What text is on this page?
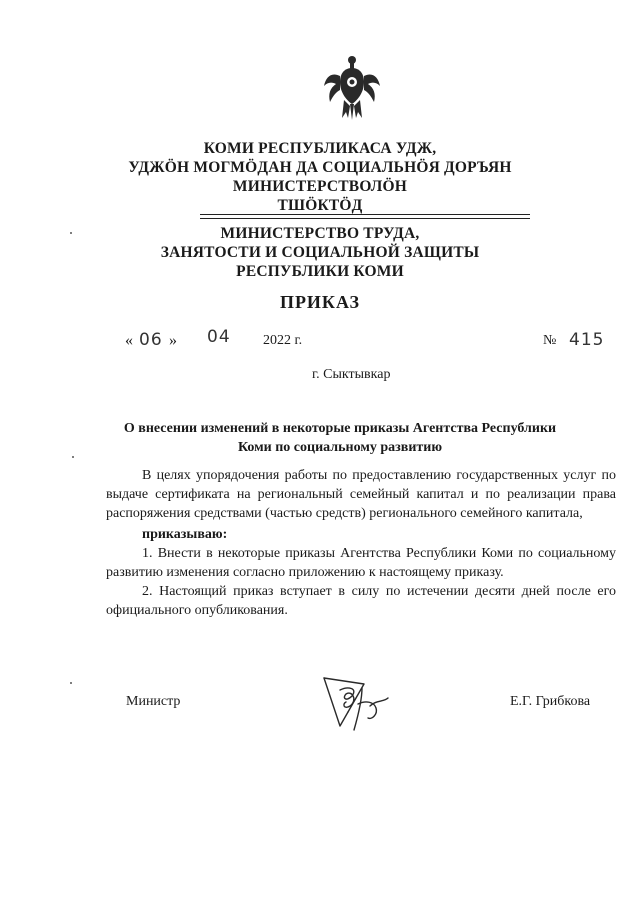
КОМИ РЕСПУБЛИКАСА УДЖ,
УДЖӦН МОГМӦДАН ДА СОЦИАЛЬНӦЯ ДОРЪЯН
МИНИСТЕРСТВОЛӦН
ТШӦКТӦД
МИНИСТЕРСТВО ТРУДА,
ЗАНЯТОСТИ И СОЦИАЛЬНОЙ ЗАЩИТЫ
РЕСПУБЛИКИ КОМИ
ПРИКАЗ
« 06 » 04 2022 г.	№ 415
г. Сыктывкар
О внесении изменений в некоторые приказы Агентства Республики
Коми по социальному развитию

В целях упорядочения работы по предоставлению государственных услуг по выдаче сертификата на региональный семейный капитал и по реализации права распоряжения средствами (частью средств) регионального семейного капитала,

приказываю:

1. Внести в некоторые приказы Агентства Республики Коми по социальному развитию изменения согласно приложению к настоящему приказу.

2. Настоящий приказ вступает в силу по истечении десяти дней после его официального опубликования.

Министр	Е.Г. Грибкова
